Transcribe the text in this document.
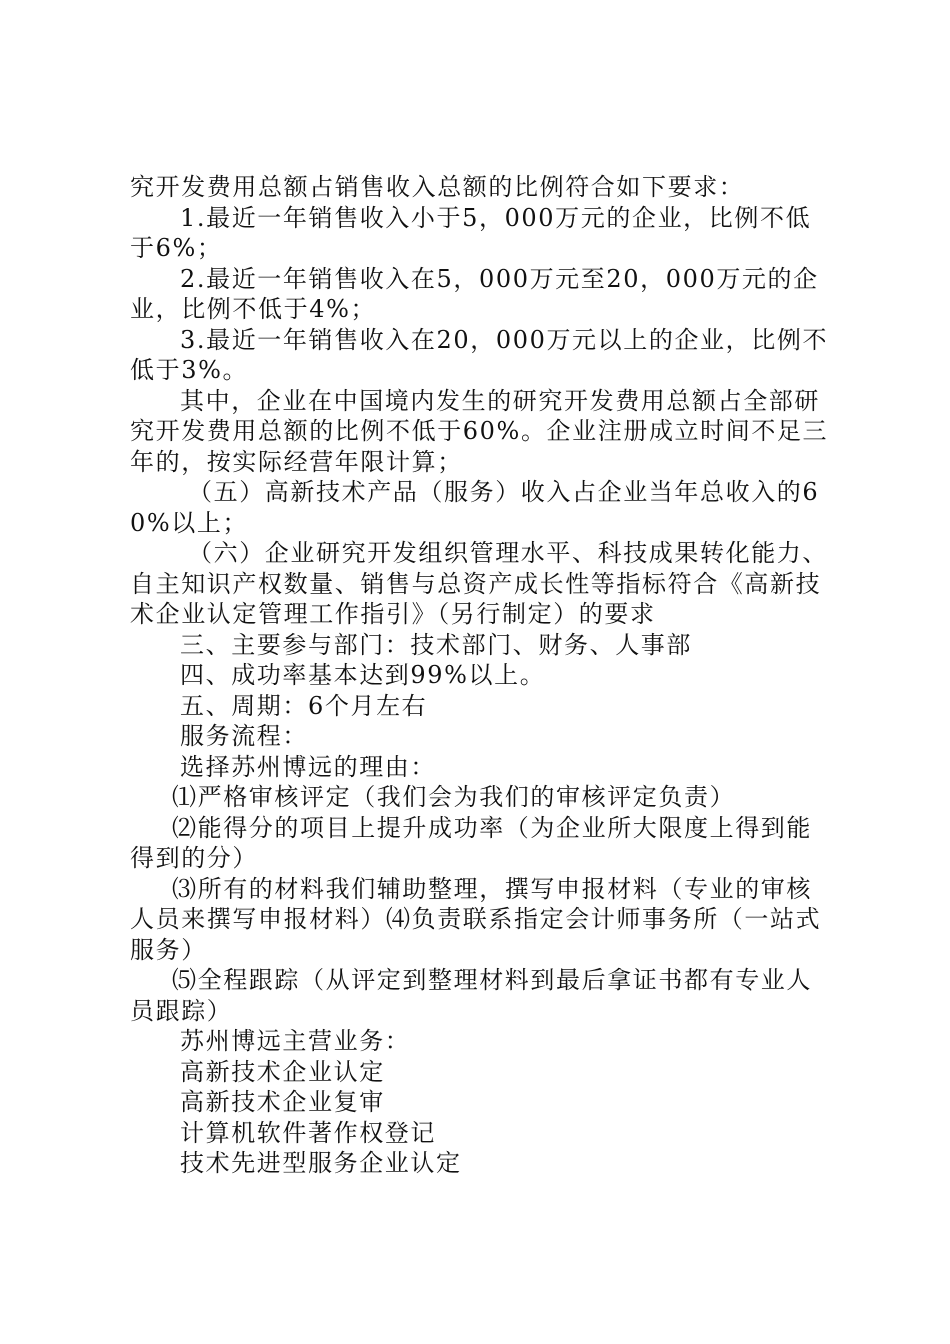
究开发费用总额占销售收入总额的比例符合如下要求：

1.最近一年销售收入小于5，000万元的企业，比例不低于6%；

2.最近一年销售收入在5，000万元至20，000万元的企业，比例不低于4%；

3.最近一年销售收入在20，000万元以上的企业，比例不低于3%。

其中，企业在中国境内发生的研究开发费用总额占全部研究开发费用总额的比例不低于60%。企业注册成立时间不足三年的，按实际经营年限计算；

（五）高新技术产品（服务）收入占企业当年总收入的60%以上；

（六）企业研究开发组织管理水平、科技成果转化能力、自主知识产权数量、销售与总资产成长性等指标符合《高新技术企业认定管理工作指引》（另行制定）的要求

三、主要参与部门：技术部门、财务、人事部

四、成功率基本达到99%以上。

五、周期：6个月左右

服务流程：

选择苏州博远的理由：

⑴严格审核评定（我们会为我们的审核评定负责）

⑵能得分的项目上提升成功率（为企业所大限度上得到能得到的分）

⑶所有的材料我们辅助整理，撰写申报材料（专业的审核人员来撰写申报材料）⑷负责联系指定会计师事务所（一站式服务）

⑸全程跟踪（从评定到整理材料到最后拿证书都有专业人员跟踪）

苏州博远主营业务：

高新技术企业认定

高新技术企业复审

计算机软件著作权登记

技术先进型服务企业认定
